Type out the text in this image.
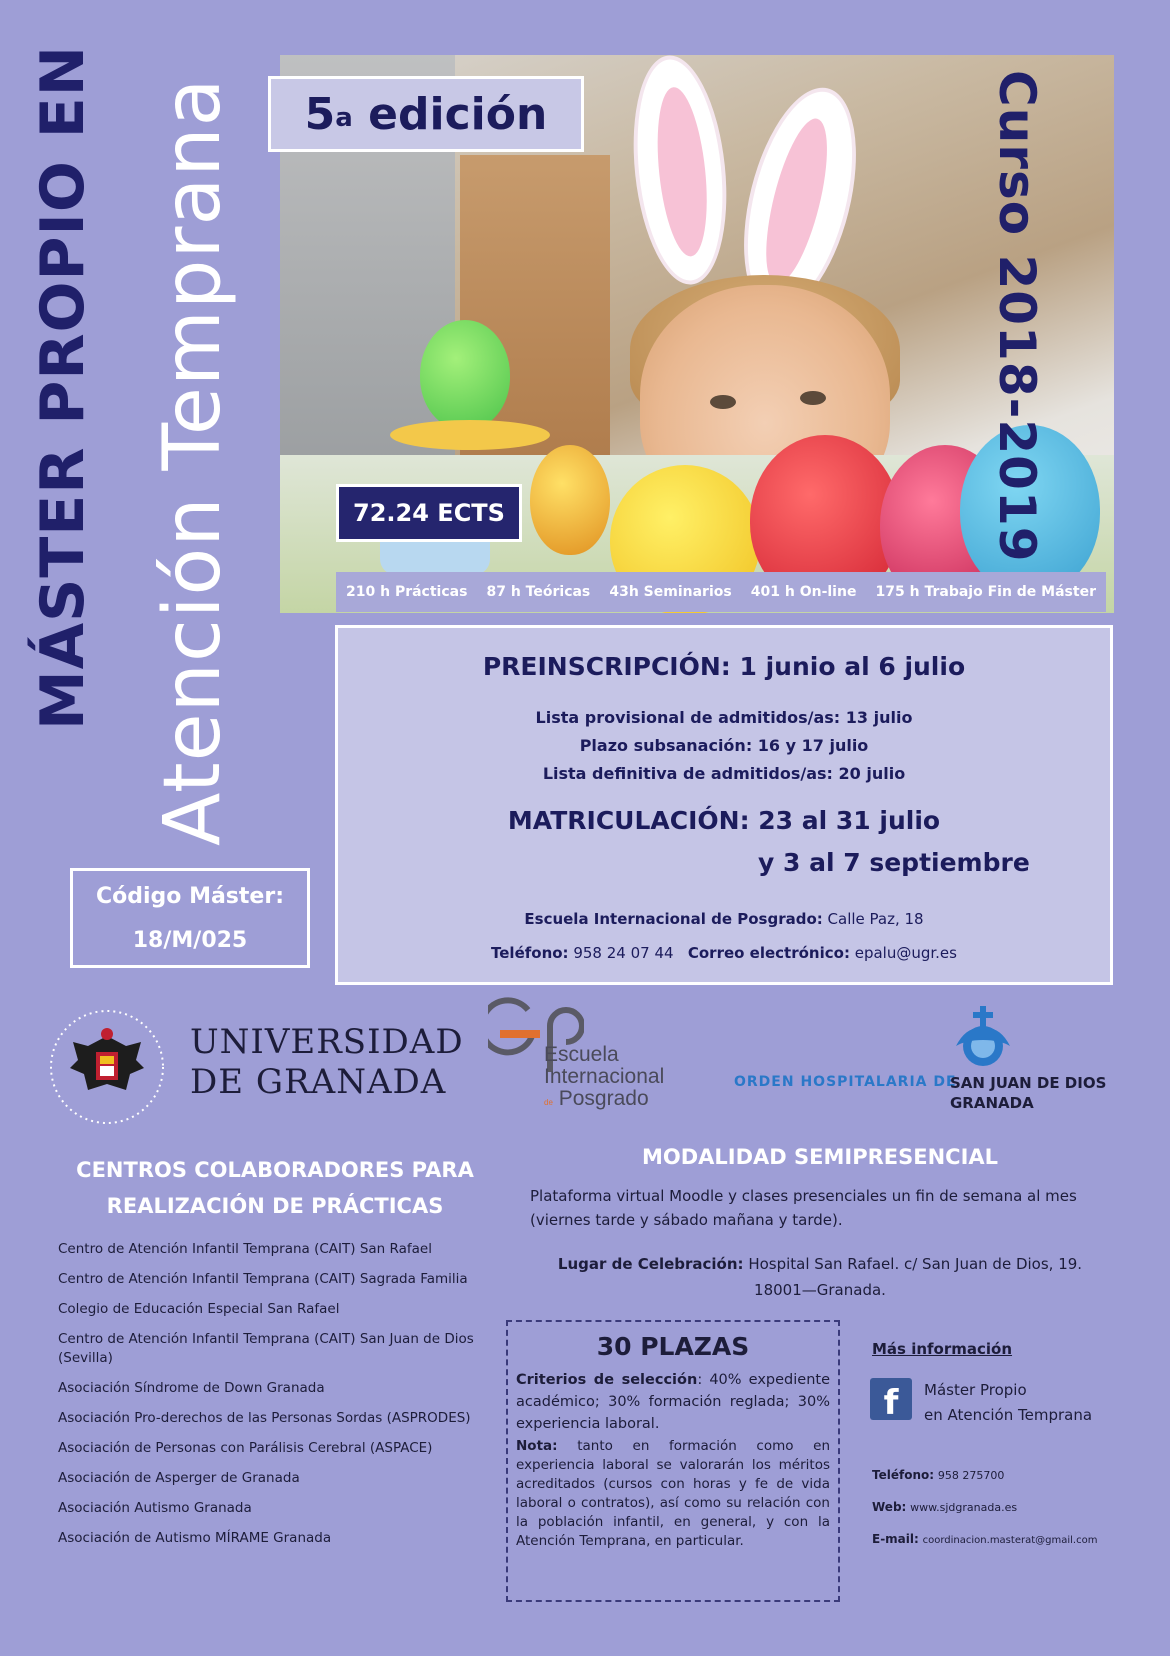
MÁSTER PROPIO EN Atención Temprana 5$^a$
edición	Curso 2018-2019
72.24 ECTS
210 h Prácticas 87 h Teóricas 43h Seminarios 401 h On-line 175 h Trabajo Fin de Máster
PREINSCRIPCIÓN: 1 junio al 6 julio
Lista provisional de admitidos/as: 13 julio
Plazo subsanación: 16 y 17 julio
Lista definitiva de admitidos/as: 20 julio
MATRICULACIÓN: 23 al 31 julio
y 3 al 7 septiembre
Escuela Internacional de Posgrado: Calle Paz, 18
Teléfono: 958 24 07 44 Correo electrónico: epalu@ugr.es
Código Máster:
18/M/025
UNIVERSIDAD
DE GRANADA
Escuela
Internacional
de Posgrado
ORDEN HOSPITALARIA DE
SAN JUAN DE DIOS
GRANADA
CENTROS COLABORADORES PARA
REALIZACIÓN DE PRÁCTICAS
Centro de Atención Infantil Temprana (CAIT) San Rafael
Centro de Atención Infantil Temprana (CAIT) Sagrada Familia
Colegio de Educación Especial San Rafael
Centro de Atención Infantil Temprana (CAIT) San Juan de Dios (Sevilla)
Asociación Síndrome de Down Granada
Asociación Pro-derechos de las Personas Sordas (ASPRODES)
Asociación de Personas con Parálisis Cerebral (ASPACE)
Asociación de Asperger de Granada
Asociación Autismo Granada
Asociación de Autismo MÍRAME Granada
MODALIDAD SEMIPRESENCIAL
Plataforma virtual Moodle y clases presenciales un fin de semana al mes (viernes tarde y sábado mañana y tarde).
Lugar de Celebración: Hospital San Rafael. c/ San Juan de Dios, 19.
18001—Granada.
30 PLAZAS
Criterios de selección: 40% expediente académico; 30% formación reglada; 30% experiencia laboral.
Nota: tanto en formación como en experiencia laboral se valorarán los méritos acreditados (cursos con horas y fe de vida laboral o contratos), así como su relación con la población infantil, en general, y con la Atención Temprana, en particular.
Más información
f	Máster Propio
en Atención Temprana
Teléfono: 958 275700
Web: www.sjdgranada.es
E-mail: coordinacion.masterat@gmail.com
